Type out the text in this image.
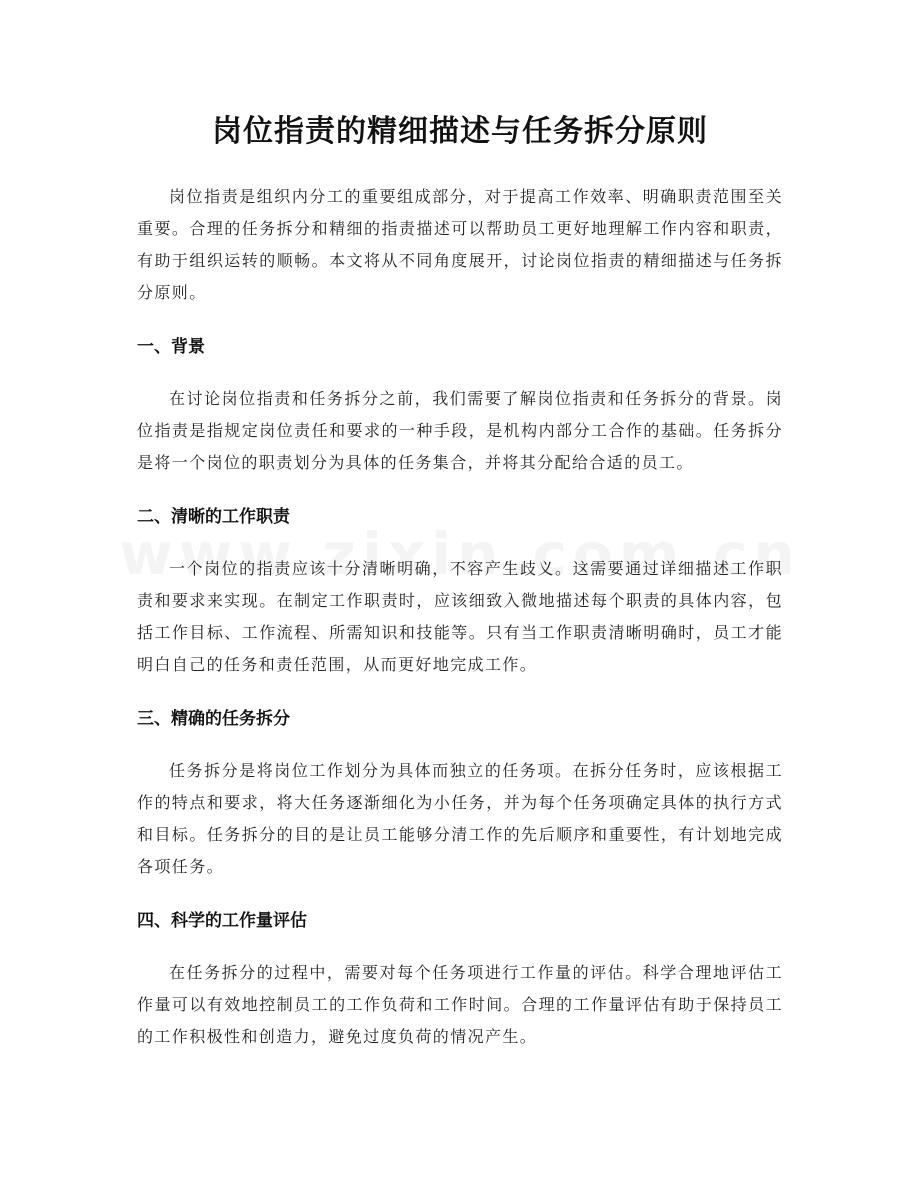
岗位指责的精细描述与任务拆分原则

岗位指责是组织内分工的重要组成部分，对于提高工作效率、明确职责范围至关重要。合理的任务拆分和精细的指责描述可以帮助员工更好地理解工作内容和职责，有助于组织运转的顺畅。本文将从不同角度展开，讨论岗位指责的精细描述与任务拆分原则。

一、背景

在讨论岗位指责和任务拆分之前，我们需要了解岗位指责和任务拆分的背景。岗位指责是指规定岗位责任和要求的一种手段，是机构内部分工合作的基础。任务拆分是将一个岗位的职责划分为具体的任务集合，并将其分配给合适的员工。

二、清晰的工作职责

一个岗位的指责应该十分清晰明确，不容产生歧义。这需要通过详细描述工作职责和要求来实现。在制定工作职责时，应该细致入微地描述每个职责的具体内容，包括工作目标、工作流程、所需知识和技能等。只有当工作职责清晰明确时，员工才能明白自己的任务和责任范围，从而更好地完成工作。

三、精确的任务拆分

任务拆分是将岗位工作划分为具体而独立的任务项。在拆分任务时，应该根据工作的特点和要求，将大任务逐渐细化为小任务，并为每个任务项确定具体的执行方式和目标。任务拆分的目的是让员工能够分清工作的先后顺序和重要性，有计划地完成各项任务。

四、科学的工作量评估

在任务拆分的过程中，需要对每个任务项进行工作量的评估。科学合理地评估工作量可以有效地控制员工的工作负荷和工作时间。合理的工作量评估有助于保持员工的工作积极性和创造力，避免过度负荷的情况产生。
